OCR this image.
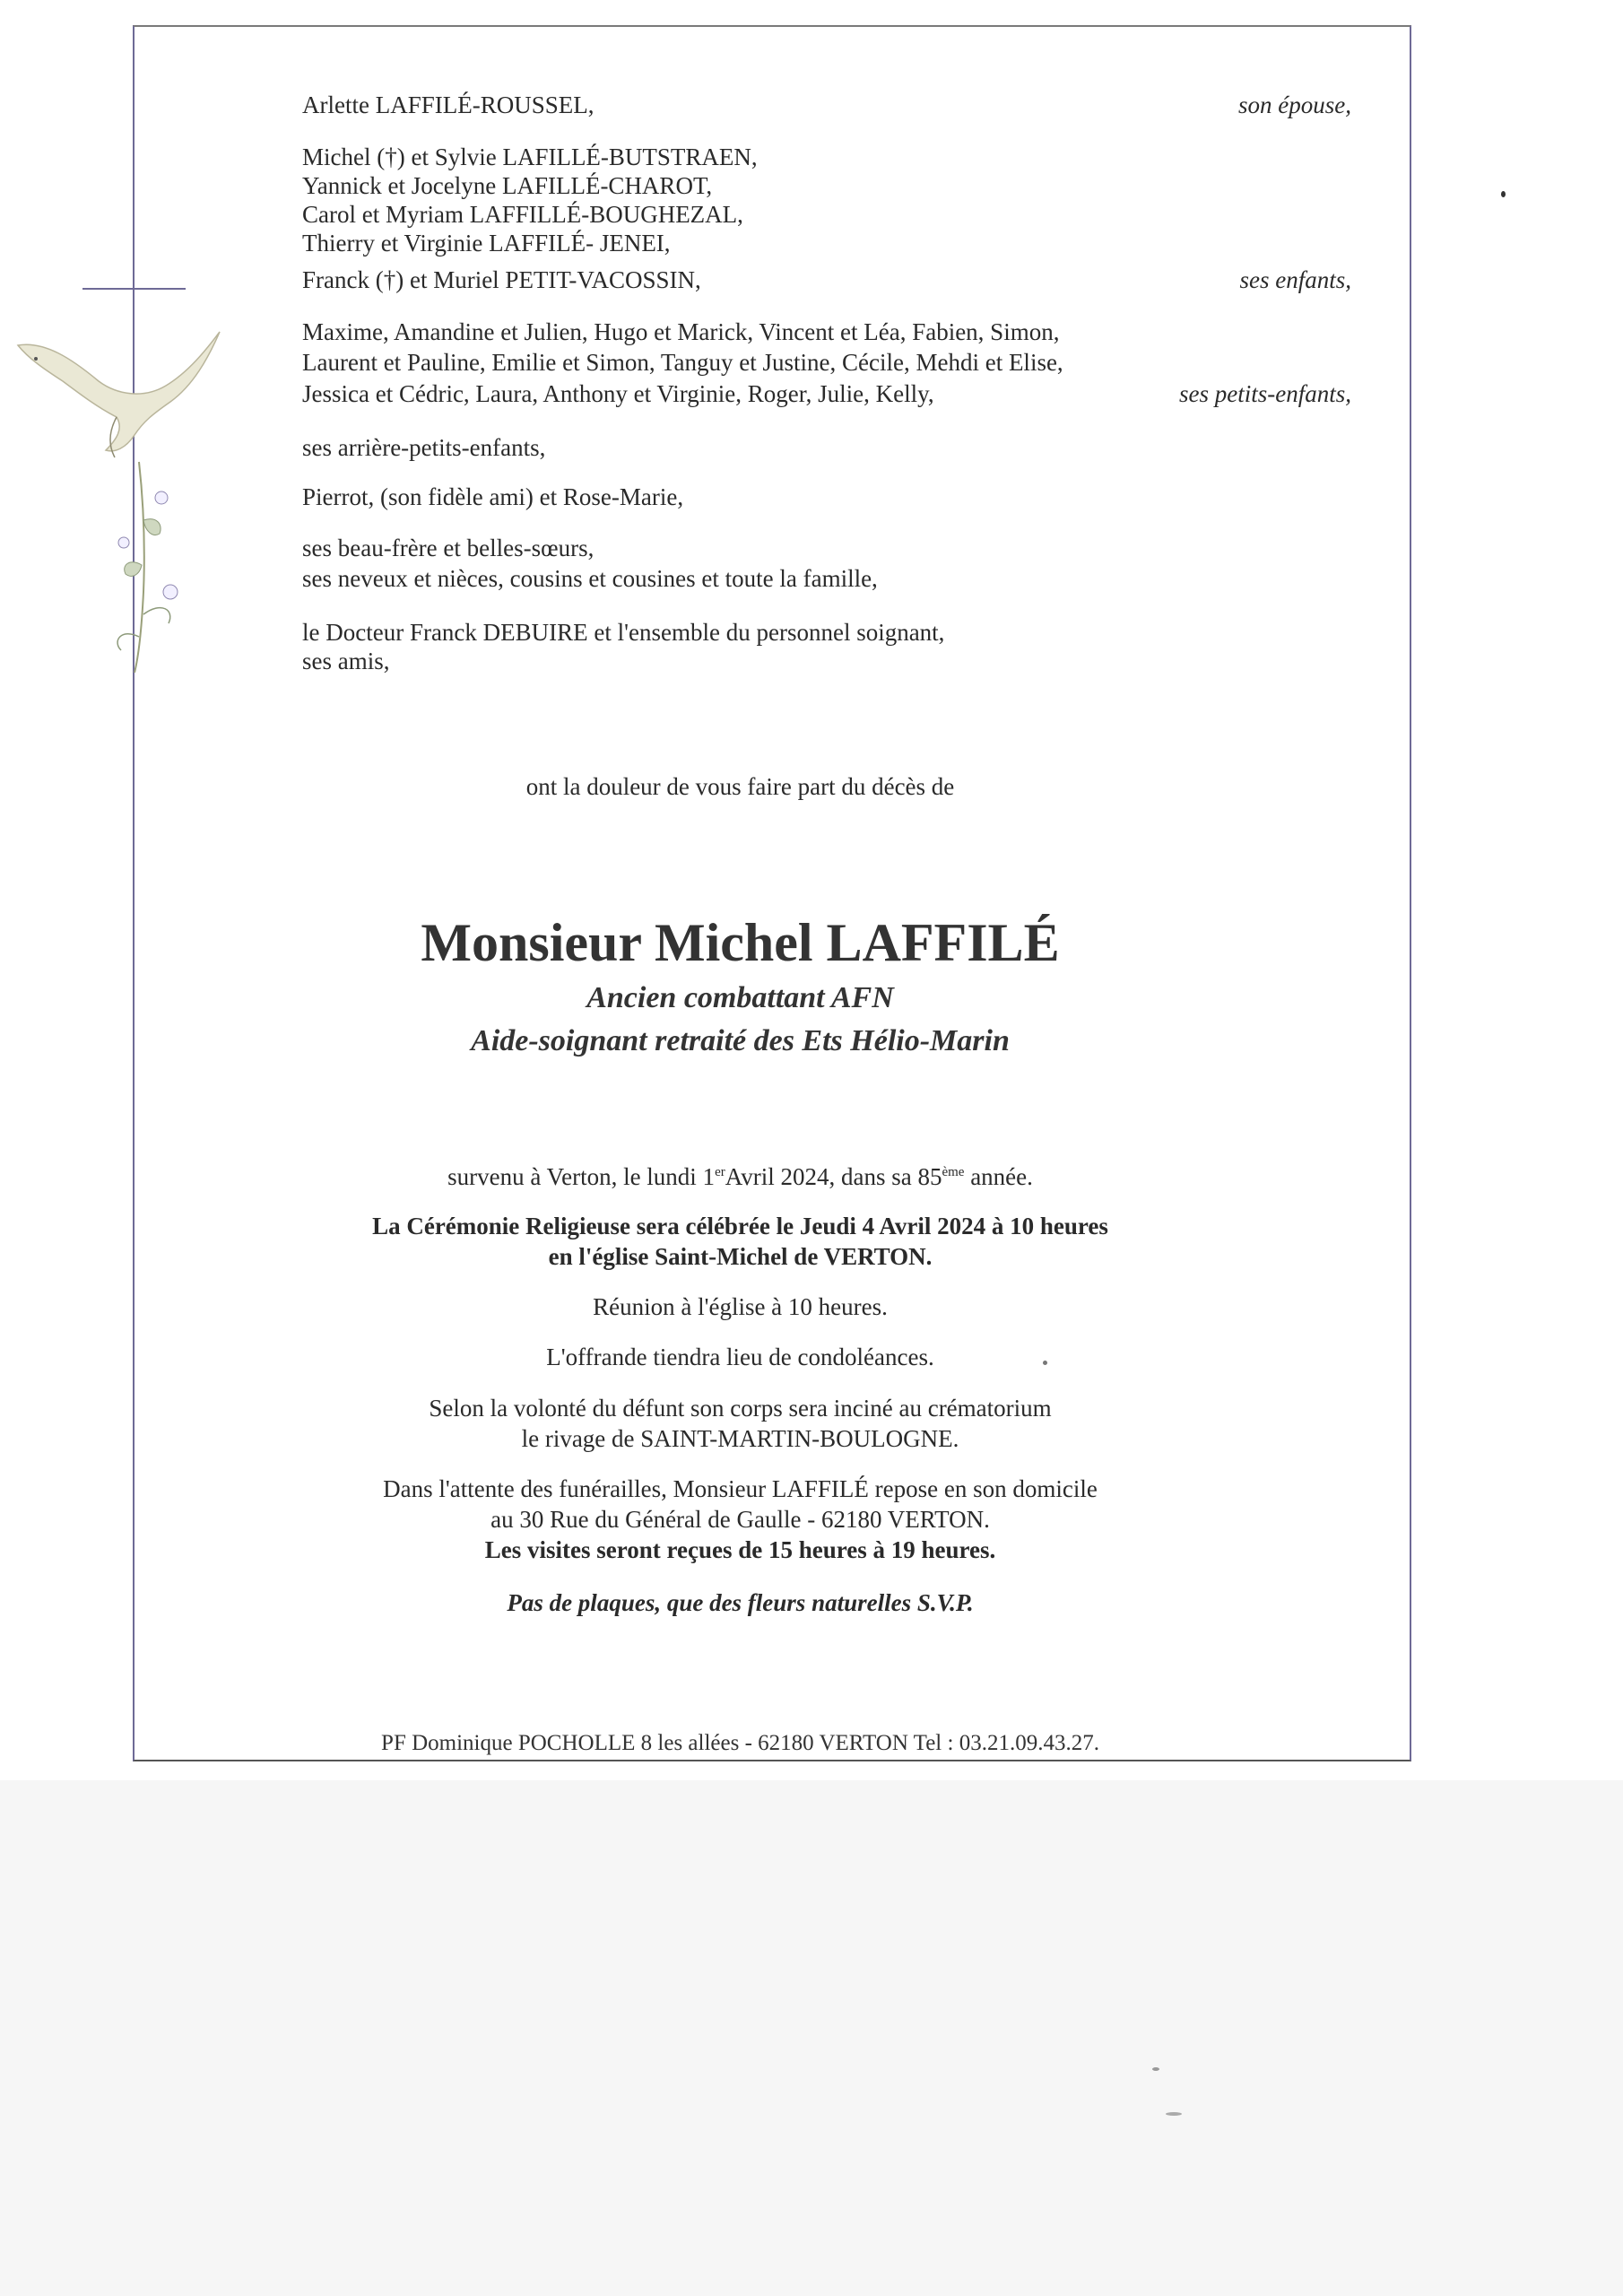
Arlette LAFFILÉ-ROUSSEL,	son épouse,
Michel (†) et Sylvie LAFILLÉ-BUTSTRAEN,
Yannick et Jocelyne LAFILLÉ-CHAROT,
Carol et Myriam LAFFILLÉ-BOUGHEZAL,
Thierry et Virginie LAFFILÉ- JENEI,
Franck (†) et Muriel PETIT-VACOSSIN,	ses enfants,
Maxime, Amandine et Julien, Hugo et Marick, Vincent et Léa, Fabien, Simon,
Laurent et Pauline, Emilie et Simon, Tanguy et Justine, Cécile, Mehdi et Elise,
Jessica et Cédric, Laura, Anthony et Virginie, Roger, Julie, Kelly,	ses petits-enfants,
ses arrière-petits-enfants,
Pierrot, (son fidèle ami) et Rose-Marie,
ses beau-frère et belles-sœurs,
ses neveux et nièces, cousins et cousines et toute la famille,
le Docteur Franck DEBUIRE et l'ensemble du personnel soignant,
ses amis,
ont la douleur de vous faire part du décès de
Monsieur Michel LAFFILÉ
Ancien combattant AFN
Aide-soignant retraité des Ets Hélio-Marin
survenu à Verton, le lundi 1erAvril 2024, dans sa 85ème année.
La Cérémonie Religieuse sera célébrée le Jeudi 4 Avril 2024 à 10 heures
en l'église Saint-Michel de VERTON.
Réunion à l'église à 10 heures.
L'offrande tiendra lieu de condoléances.
Selon la volonté du défunt son corps sera inciné au crématorium
le rivage de SAINT-MARTIN-BOULOGNE.
Dans l'attente des funérailles, Monsieur LAFFILÉ repose en son domicile
au 30 Rue du Général de Gaulle - 62180 VERTON.
Les visites seront reçues de 15 heures à 19 heures.
Pas de plaques, que des fleurs naturelles S.V.P.
PF Dominique POCHOLLE 8 les allées - 62180 VERTON Tel : 03.21.09.43.27.
